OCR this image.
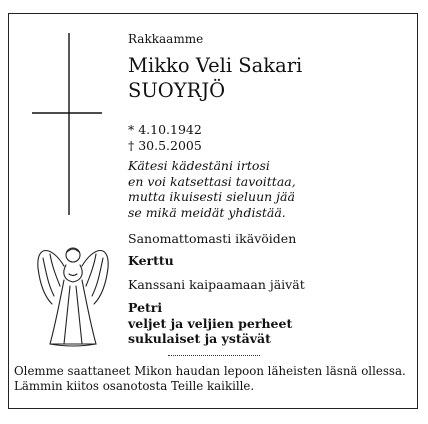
Rakkaamme
Mikko Veli Sakari
SUOYRJÖ
* 4.10.1942
† 30.5.2005
Kätesi kädestäni irtosi
en voi katsettasi tavoittaa,
mutta ikuisesti sieluun jää
se mikä meidät yhdistää.
Sanomattomasti ikävöiden
Kerttu
Kanssani kaipaamaan jäivät
Petri
veljet ja veljien perheet
sukulaiset ja ystävät
Olemme saattaneet Mikon haudan lepoon läheisten läsnä ollessa. Lämmin kiitos osanotosta Teille kaikille.
